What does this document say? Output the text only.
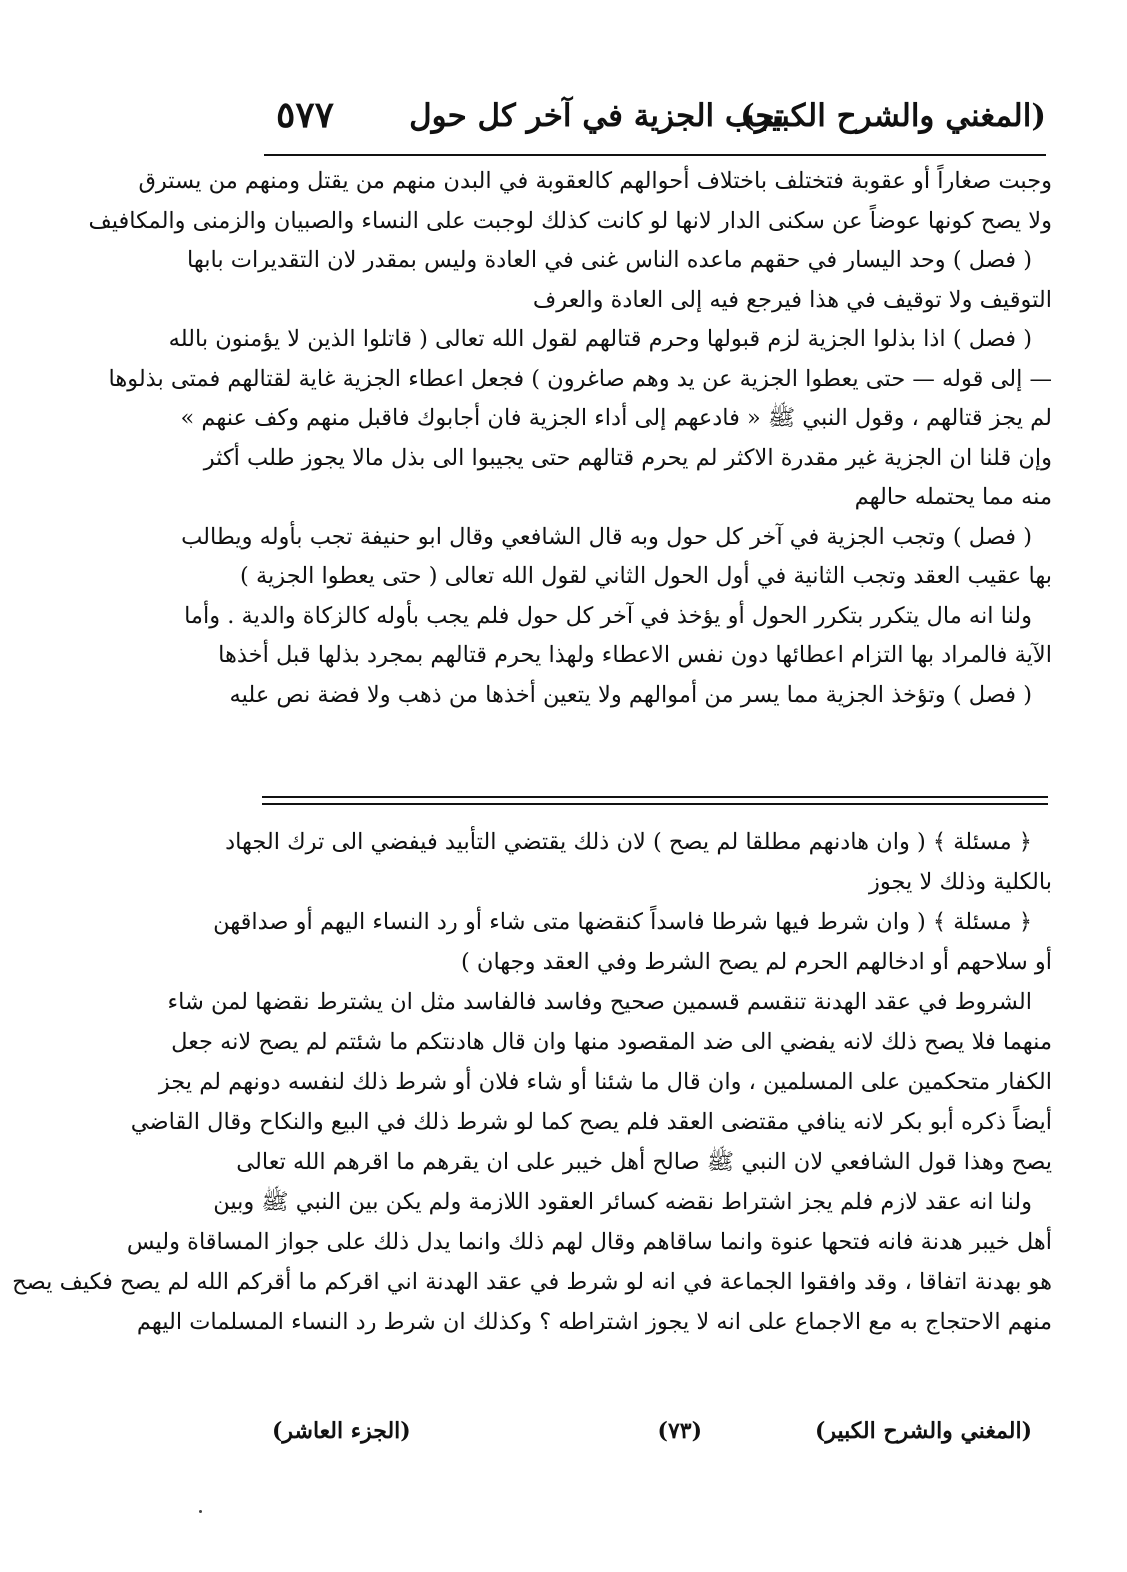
(المغني والشرح الكبير)
تجب الجزية في آخر كل حول
٥٧٧
وجبت صغاراً أو عقوبة فتختلف باختلاف أحوالهم كالعقوبة في البدن منهم من يقتل ومنهم من يسترق
ولا يصح كونها عوضاً عن سكنى الدار لانها لو كانت كذلك لوجبت على النساء والصبيان والزمنى والمكافيف
( فصل ) وحد اليسار في حقهم ماعده الناس غنى في العادة وليس بمقدر لان التقديرات بابها
التوقيف ولا توقيف في هذا فيرجع فيه إلى العادة والعرف
( فصل ) اذا بذلوا الجزية لزم قبولها وحرم قتالهم لقول الله تعالى ( قاتلوا الذين لا يؤمنون بالله
— إلى قوله — حتى يعطوا الجزية عن يد وهم صاغرون ) فجعل اعطاء الجزية غاية لقتالهم فمتى بذلوها
لم يجز قتالهم ، وقول النبي ﷺ « فادعهم إلى أداء الجزية فان أجابوك فاقبل منهم وكف عنهم »
وإن قلنا ان الجزية غير مقدرة الاكثر لم يحرم قتالهم حتى يجيبوا الى بذل مالا يجوز طلب أكثر
منه مما يحتمله حالهم
( فصل ) وتجب الجزية في آخر كل حول وبه قال الشافعي وقال ابو حنيفة تجب بأوله ويطالب
بها عقيب العقد وتجب الثانية في أول الحول الثاني لقول الله تعالى ( حتى يعطوا الجزية )
ولنا انه مال يتكرر بتكرر الحول أو يؤخذ في آخر كل حول فلم يجب بأوله كالزكاة والدية . وأما
الآية فالمراد بها التزام اعطائها دون نفس الاعطاء ولهذا يحرم قتالهم بمجرد بذلها قبل أخذها
( فصل ) وتؤخذ الجزية مما يسر من أموالهم ولا يتعين أخذها من ذهب ولا فضة نص عليه
﴿ مسئلة ﴾ ( وان هادنهم مطلقا لم يصح ) لان ذلك يقتضي التأبيد فيفضي الى ترك الجهاد
بالكلية وذلك لا يجوز
﴿ مسئلة ﴾ ( وان شرط فيها شرطا فاسداً كنقضها متى شاء أو رد النساء اليهم أو صداقهن
أو سلاحهم أو ادخالهم الحرم لم يصح الشرط وفي العقد وجهان )
الشروط في عقد الهدنة تنقسم قسمين صحيح وفاسد فالفاسد مثل ان يشترط نقضها لمن شاء
منهما فلا يصح ذلك لانه يفضي الى ضد المقصود منها وان قال هادنتكم ما شئتم لم يصح لانه جعل
الكفار متحكمين على المسلمين ، وان قال ما شئنا أو شاء فلان أو شرط ذلك لنفسه دونهم لم يجز
أيضاً ذكره أبو بكر لانه ينافي مقتضى العقد فلم يصح كما لو شرط ذلك في البيع والنكاح وقال القاضي
يصح وهذا قول الشافعي لان النبي ﷺ صالح أهل خيبر على ان يقرهم ما اقرهم الله تعالى
ولنا انه عقد لازم فلم يجز اشتراط نقضه كسائر العقود اللازمة ولم يكن بين النبي ﷺ وبين
أهل خيبر هدنة فانه فتحها عنوة وانما ساقاهم وقال لهم ذلك وانما يدل ذلك على جواز المساقاة وليس
هو بهدنة اتفاقا ، وقد وافقوا الجماعة في انه لو شرط في عقد الهدنة اني اقركم ما أقركم الله لم يصح فكيف يصح
منهم الاحتجاج به مع الاجماع على انه لا يجوز اشتراطه ؟ وكذلك ان شرط رد النساء المسلمات اليهم
(المغني والشرح الكبير)
(٧٣)
(الجزء العاشر)
